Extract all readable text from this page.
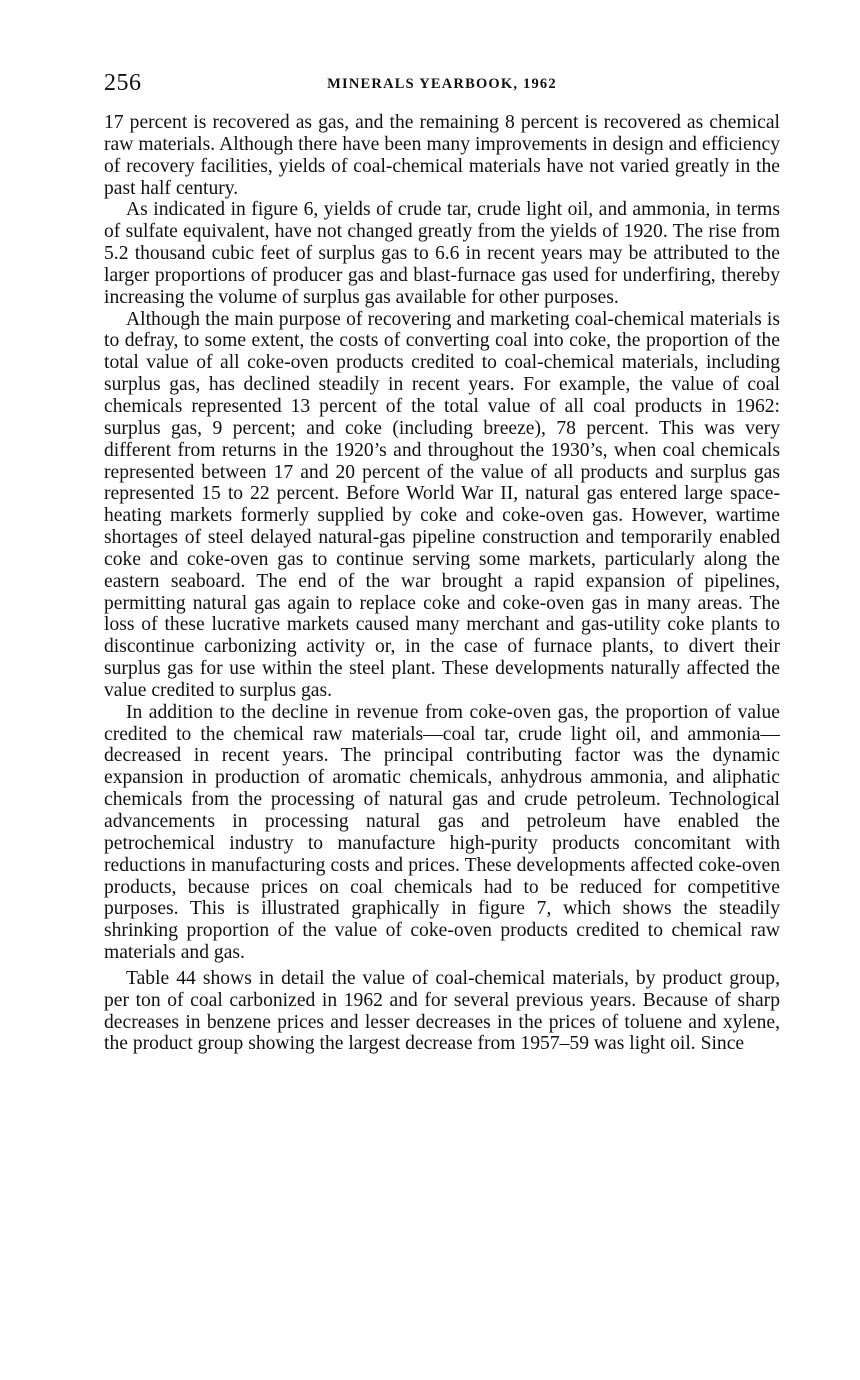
256	MINERALS YEARBOOK, 1962

17 percent is recovered as gas, and the remaining 8 percent is recovered as chemical raw materials. Although there have been many improvements in design and efficiency of recovery facilities, yields of coal-chemical materials have not varied greatly in the past half century.

As indicated in figure 6, yields of crude tar, crude light oil, and ammonia, in terms of sulfate equivalent, have not changed greatly from the yields of 1920. The rise from 5.2 thousand cubic feet of surplus gas to 6.6 in recent years may be attributed to the larger proportions of producer gas and blast-furnace gas used for underfiring, thereby increasing the volume of surplus gas available for other purposes.

Although the main purpose of recovering and marketing coal-chemical materials is to defray, to some extent, the costs of converting coal into coke, the proportion of the total value of all coke-oven products credited to coal-chemical materials, including surplus gas, has declined steadily in recent years. For example, the value of coal chemicals represented 13 percent of the total value of all coal products in 1962: surplus gas, 9 percent; and coke (including breeze), 78 percent. This was very different from returns in the 1920’s and throughout the 1930’s, when coal chemicals represented between 17 and 20 percent of the value of all products and surplus gas represented 15 to 22 percent. Before World War II, natural gas entered large space-heating markets formerly supplied by coke and coke-oven gas. However, wartime shortages of steel delayed natural-gas pipeline construction and temporarily enabled coke and coke-oven gas to continue serving some markets, particularly along the eastern seaboard. The end of the war brought a rapid expansion of pipelines, permitting natural gas again to replace coke and coke-oven gas in many areas. The loss of these lucrative markets caused many merchant and gas-utility coke plants to discontinue carbonizing activity or, in the case of furnace plants, to divert their surplus gas for use within the steel plant. These developments naturally affected the value credited to surplus gas.

In addition to the decline in revenue from coke-oven gas, the proportion of value credited to the chemical raw materials—coal tar, crude light oil, and ammonia—decreased in recent years. The principal contributing factor was the dynamic expansion in production of aromatic chemicals, anhydrous ammonia, and aliphatic chemicals from the processing of natural gas and crude petroleum. Technological advancements in processing natural gas and petroleum have enabled the petrochemical industry to manufacture high-purity products concomitant with reductions in manufacturing costs and prices. These developments affected coke-oven products, because prices on coal chemicals had to be reduced for competitive purposes. This is illustrated graphically in figure 7, which shows the steadily shrinking proportion of the value of coke-oven products credited to chemical raw materials and gas.

Table 44 shows in detail the value of coal-chemical materials, by product group, per ton of coal carbonized in 1962 and for several previous years. Because of sharp decreases in benzene prices and lesser decreases in the prices of toluene and xylene, the product group showing the largest decrease from 1957–59 was light oil. Since
